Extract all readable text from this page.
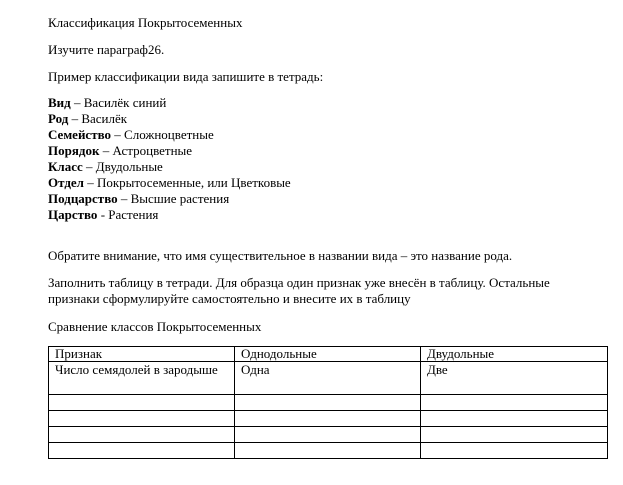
Классификация Покрытосеменных
Изучите параграф26.
Пример классификации вида запишите в тетрадь:
Вид – Василёк синий
Род – Василёк
Семейство – Сложноцветные
Порядок – Астроцветные
Класс – Двудольные
Отдел – Покрытосеменные, или Цветковые
Подцарство – Высшие растения
Царство - Растения
Обратите внимание, что имя существительное в названии вида – это название рода.
Заполнить таблицу в тетради. Для образца один признак уже внесён в таблицу. Остальные
признаки сформулируйте самостоятельно и внесите их в таблицу
Сравнение классов Покрытосеменных
Признак	Однодольные	Двудольные
Число семядолей в зародыше	Одна	Две
